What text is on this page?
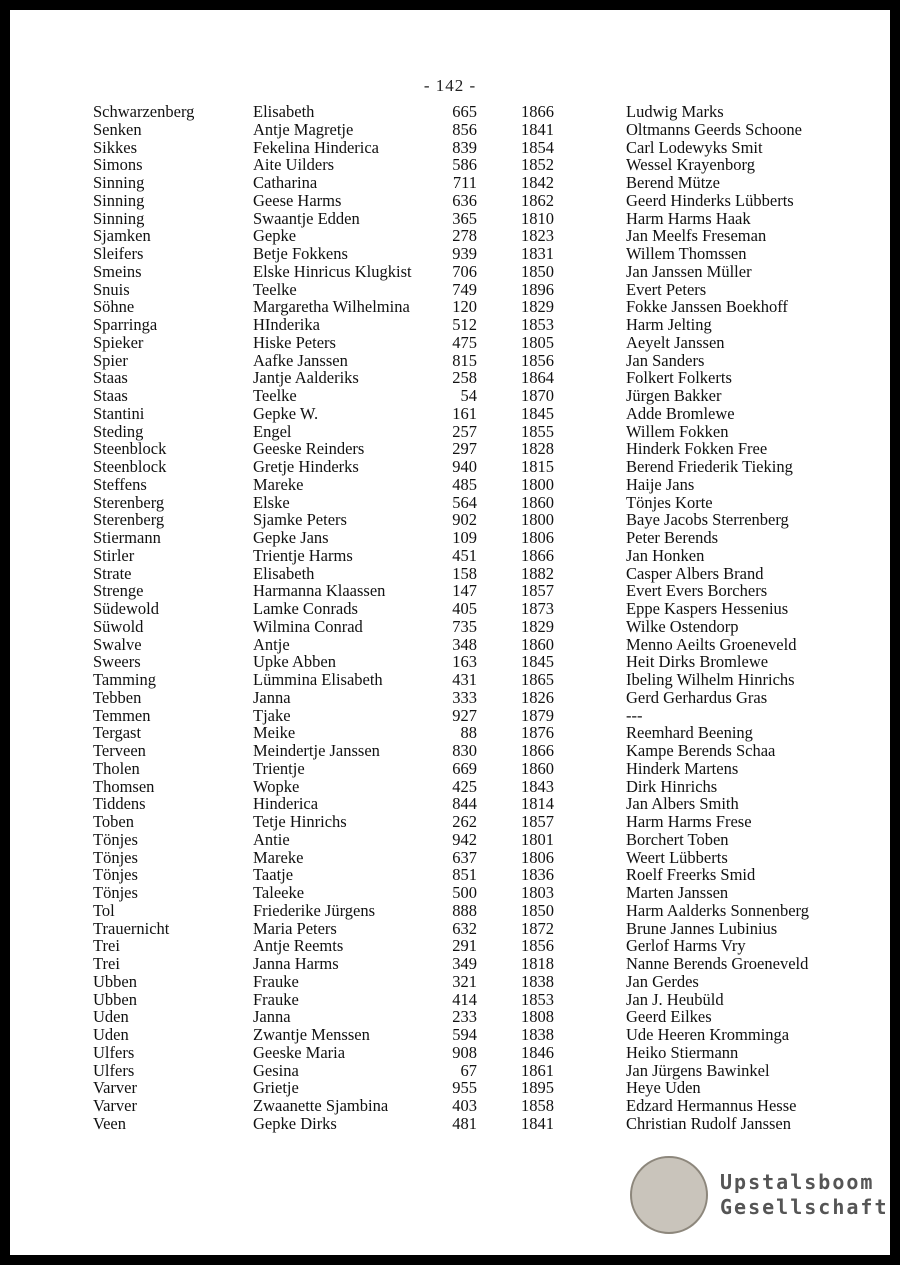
- 142 -
Schwarzenberg	Elisabeth	665	1866	Ludwig Marks
Senken	Antje Magretje	856	1841	Oltmanns Geerds Schoone
Sikkes	Fekelina Hinderica	839	1854	Carl Lodewyks Smit
Simons	Aite Uilders	586	1852	Wessel Krayenborg
Sinning	Catharina	711	1842	Berend Mütze
Sinning	Geese Harms	636	1862	Geerd Hinderks Lübberts
Sinning	Swaantje Edden	365	1810	Harm Harms Haak
Sjamken	Gepke	278	1823	Jan Meelfs Freseman
Sleifers	Betje Fokkens	939	1831	Willem Thomssen
Smeins	Elske Hinricus Klugkist	706	1850	Jan Janssen Müller
Snuis	Teelke	749	1896	Evert Peters
Söhne	Margaretha Wilhelmina	120	1829	Fokke Janssen Boekhoff
Sparringa	HInderika	512	1853	Harm Jelting
Spieker	Hiske Peters	475	1805	Aeyelt Janssen
Spier	Aafke Janssen	815	1856	Jan Sanders
Staas	Jantje Aalderiks	258	1864	Folkert Folkerts
Staas	Teelke	54	1870	Jürgen Bakker
Stantini	Gepke W.	161	1845	Adde Bromlewe
Steding	Engel	257	1855	Willem Fokken
Steenblock	Geeske Reinders	297	1828	Hinderk Fokken Free
Steenblock	Gretje Hinderks	940	1815	Berend Friederik Tieking
Steffens	Mareke	485	1800	Haije Jans
Sterenberg	Elske	564	1860	Tönjes Korte
Sterenberg	Sjamke Peters	902	1800	Baye Jacobs Sterrenberg
Stiermann	Gepke Jans	109	1806	Peter Berends
Stirler	Trientje Harms	451	1866	Jan Honken
Strate	Elisabeth	158	1882	Casper Albers Brand
Strenge	Harmanna Klaassen	147	1857	Evert Evers Borchers
Südewold	Lamke Conrads	405	1873	Eppe Kaspers Hessenius
Süwold	Wilmina Conrad	735	1829	Wilke Ostendorp
Swalve	Antje	348	1860	Menno Aeilts Groeneveld
Sweers	Upke Abben	163	1845	Heit Dirks Bromlewe
Tamming	Lümmina Elisabeth	431	1865	Ibeling Wilhelm Hinrichs
Tebben	Janna	333	1826	Gerd Gerhardus Gras
Temmen	Tjake	927	1879	---
Tergast	Meike	88	1876	Reemhard Beening
Terveen	Meindertje Janssen	830	1866	Kampe Berends Schaa
Tholen	Trientje	669	1860	Hinderk Martens
Thomsen	Wopke	425	1843	Dirk Hinrichs
Tiddens	Hinderica	844	1814	Jan Albers Smith
Toben	Tetje Hinrichs	262	1857	Harm Harms Frese
Tönjes	Antie	942	1801	Borchert Toben
Tönjes	Mareke	637	1806	Weert Lübberts
Tönjes	Taatje	851	1836	Roelf Freerks Smid
Tönjes	Taleeke	500	1803	Marten Janssen
Tol	Friederike Jürgens	888	1850	Harm Aalderks Sonnenberg
Trauernicht	Maria Peters	632	1872	Brune Jannes Lubinius
Trei	Antje Reemts	291	1856	Gerlof Harms Vry
Trei	Janna Harms	349	1818	Nanne Berends Groeneveld
Ubben	Frauke	321	1838	Jan Gerdes
Ubben	Frauke	414	1853	Jan J. Heubüld
Uden	Janna	233	1808	Geerd Eilkes
Uden	Zwantje Menssen	594	1838	Ude Heeren Kromminga
Ulfers	Geeske Maria	908	1846	Heiko Stiermann
Ulfers	Gesina	67	1861	Jan Jürgens Bawinkel
Varver	Grietje	955	1895	Heye Uden
Varver	Zwaanette Sjambina	403	1858	Edzard Hermannus Hesse
Veen	Gepke Dirks	481	1841	Christian Rudolf Janssen
Upstalsboom
Gesellschaft
